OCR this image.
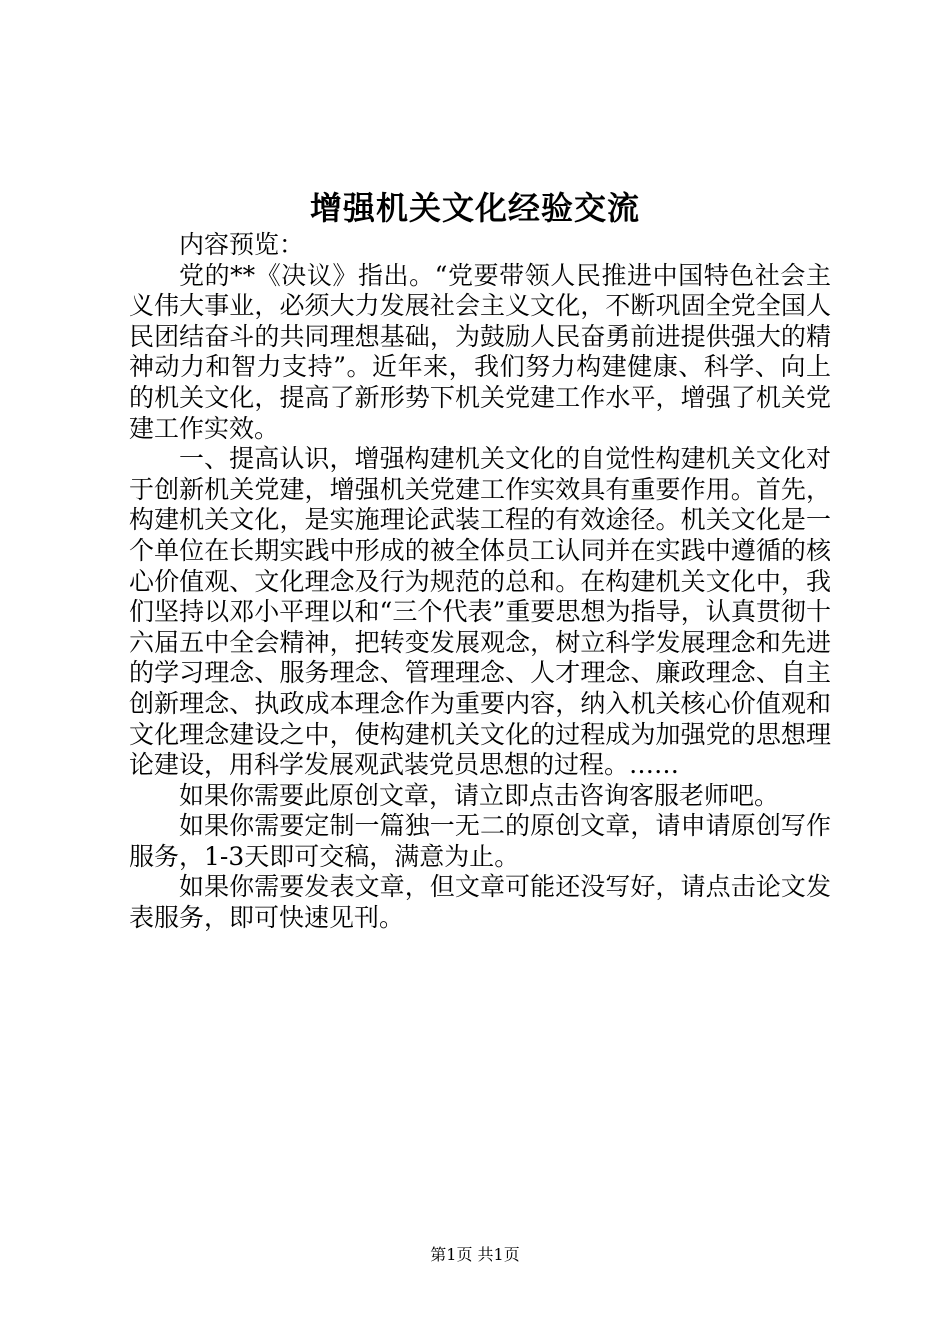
增强机关文化经验交流

内容预览：

党的**《决议》指出。“党要带领人民推进中国特色社会主义伟大事业，必须大力发展社会主义文化，不断巩固全党全国人民团结奋斗的共同理想基础，为鼓励人民奋勇前进提供强大的精神动力和智力支持”。近年来，我们努力构建健康、科学、向上的机关文化，提高了新形势下机关党建工作水平，增强了机关党建工作实效。

一、提高认识，增强构建机关文化的自觉性构建机关文化对于创新机关党建，增强机关党建工作实效具有重要作用。首先，构建机关文化，是实施理论武装工程的有效途径。机关文化是一个单位在长期实践中形成的被全体员工认同并在实践中遵循的核心价值观、文化理念及行为规范的总和。在构建机关文化中，我们坚持以邓小平理以和“三个代表”重要思想为指导，认真贯彻十六届五中全会精神，把转变发展观念，树立科学发展理念和先进的学习理念、服务理念、管理理念、人才理念、廉政理念、自主创新理念、执政成本理念作为重要内容，纳入机关核心价值观和文化理念建设之中，使构建机关文化的过程成为加强党的思想理论建设，用科学发展观武装党员思想的过程。……

如果你需要此原创文章，请立即点击咨询客服老师吧。

如果你需要定制一篇独一无二的原创文章，请申请原创写作服务，1-3天即可交稿，满意为止。

如果你需要发表文章，但文章可能还没写好，请点击论文发表服务，即可快速见刊。

第1页 共1页
